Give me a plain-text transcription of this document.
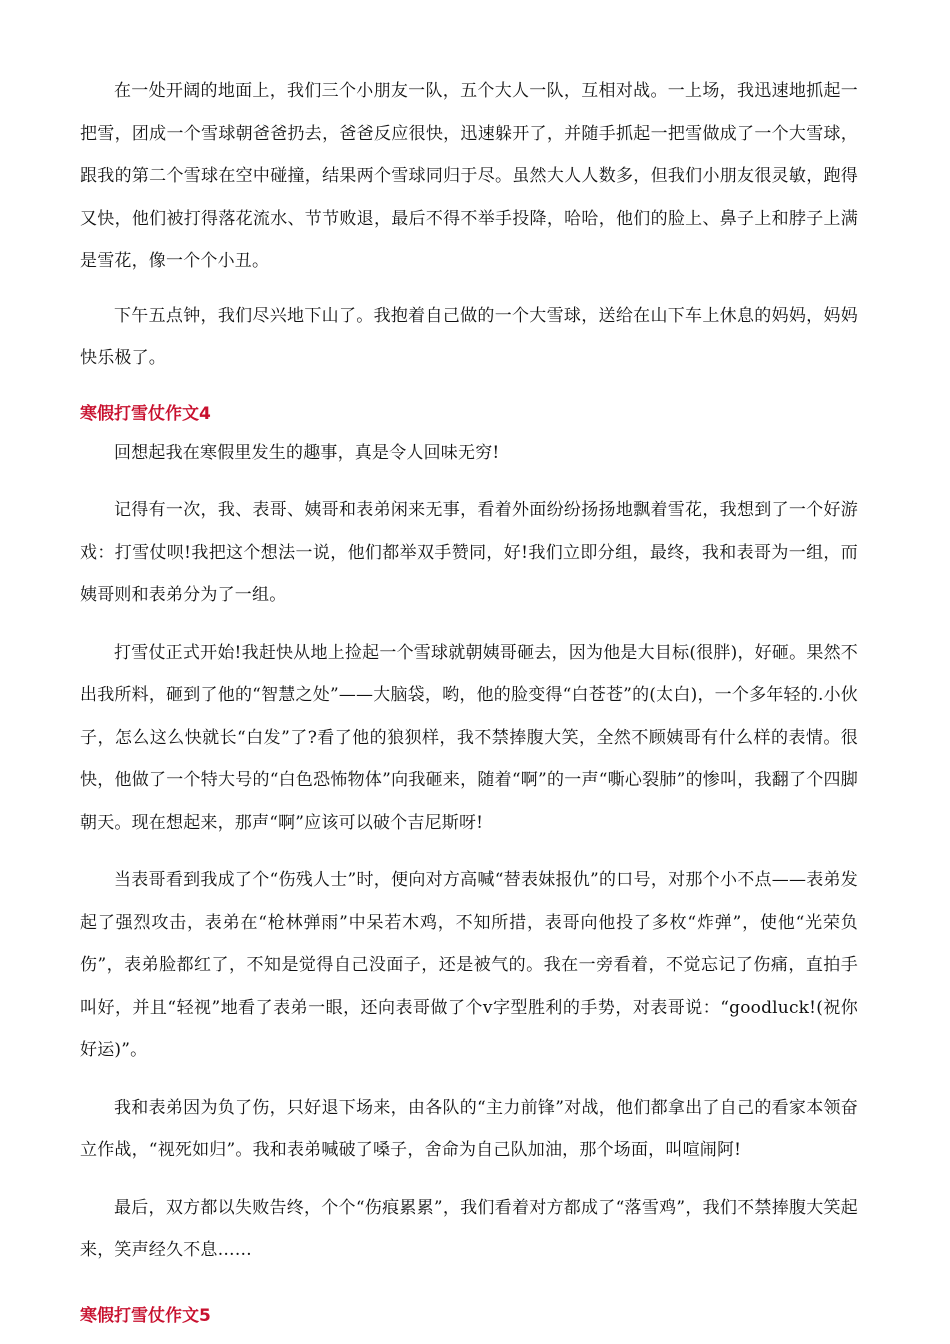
在一处开阔的地面上，我们三个小朋友一队，五个大人一队，互相对战。一上场，我迅速地抓起一把雪，团成一个雪球朝爸爸扔去，爸爸反应很快，迅速躲开了，并随手抓起一把雪做成了一个大雪球，跟我的第二个雪球在空中碰撞，结果两个雪球同归于尽。虽然大人人数多，但我们小朋友很灵敏，跑得又快，他们被打得落花流水、节节败退，最后不得不举手投降，哈哈，他们的脸上、鼻子上和脖子上满是雪花，像一个个小丑。

下午五点钟，我们尽兴地下山了。我抱着自己做的一个大雪球，送给在山下车上休息的妈妈，妈妈快乐极了。

寒假打雪仗作文4

回想起我在寒假里发生的趣事，真是令人回味无穷!

记得有一次，我、表哥、姨哥和表弟闲来无事，看着外面纷纷扬扬地飘着雪花，我想到了一个好游戏：打雪仗呗!我把这个想法一说，他们都举双手赞同，好!我们立即分组，最终，我和表哥为一组，而姨哥则和表弟分为了一组。

打雪仗正式开始!我赶快从地上捡起一个雪球就朝姨哥砸去，因为他是大目标(很胖)，好砸。果然不出我所料，砸到了他的“智慧之处”——大脑袋，哟，他的脸变得“白苍苍”的(太白)，一个多年轻的.小伙子，怎么这么快就长“白发”了?看了他的狼狈样，我不禁捧腹大笑，全然不顾姨哥有什么样的表情。很快，他做了一个特大号的“白色恐怖物体”向我砸来，随着“啊”的一声“嘶心裂肺”的惨叫，我翻了个四脚朝天。现在想起来，那声“啊”应该可以破个吉尼斯呀!

当表哥看到我成了个“伤残人士”时，便向对方高喊“替表妹报仇”的口号，对那个小不点——表弟发起了强烈攻击，表弟在“枪林弹雨”中呆若木鸡，不知所措，表哥向他投了多枚“炸弹”，使他“光荣负伤”，表弟脸都红了，不知是觉得自己没面子，还是被气的。我在一旁看着，不觉忘记了伤痛，直拍手叫好，并且“轻视”地看了表弟一眼，还向表哥做了个v字型胜利的手势，对表哥说：“goodluck!(祝你好运)”。

我和表弟因为负了伤，只好退下场来，由各队的“主力前锋”对战，他们都拿出了自己的看家本领奋立作战，“视死如归”。我和表弟喊破了嗓子，舍命为自己队加油，那个场面，叫喧闹阿!

最后，双方都以失败告终，个个“伤痕累累”，我们看着对方都成了“落雪鸡”，我们不禁捧腹大笑起来，笑声经久不息……

寒假打雪仗作文5
